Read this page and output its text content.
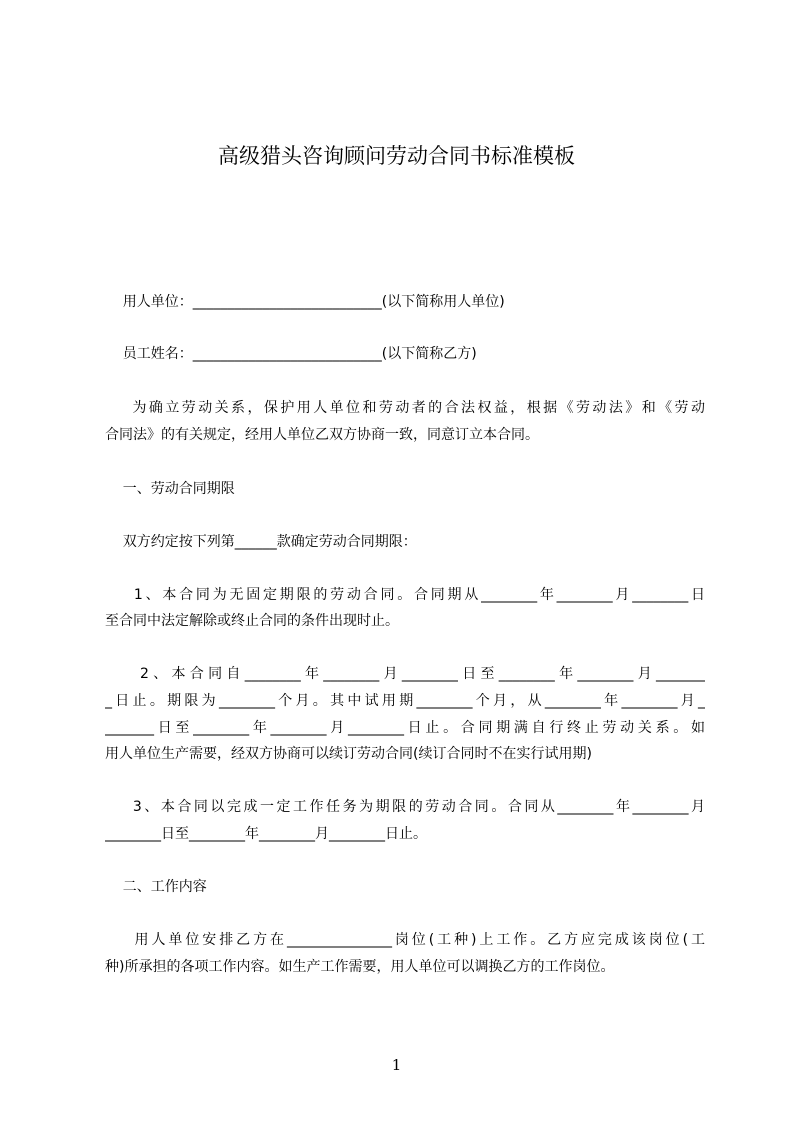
高级猎头咨询顾问劳动合同书标准模板
用人单位：___________________________(以下简称用人单位)
员工姓名：___________________________(以下简称乙方)
为确立劳动关系，保护用人单位和劳动者的合法权益，根据《劳动法》和《劳动
合同法》的有关规定，经用人单位乙双方协商一致，同意订立本合同。
一、劳动合同期限
双方约定按下列第______款确定劳动合同期限：
1、本合同为无固定期限的劳动合同。合同期从________年________月________日
至合同中法定解除或终止合同的条件出现时止。
2、本合同自________年________月________日至________年________月_______
_日止。期限为________个月。其中试用期________个月，从________年________月_
_______日至________年________月________日止。合同期满自行终止劳动关系。如
用人单位生产需要，经双方协商可以续订劳动合同(续订合同时不在实行试用期)
3、本合同以完成一定工作任务为期限的劳动合同。合同从________年________月
________日至________年________月________日止。
二、工作内容
用人单位安排乙方在_______________岗位(工种)上工作。乙方应完成该岗位(工
种)所承担的各项工作内容。如生产工作需要，用人单位可以调换乙方的工作岗位。
1
